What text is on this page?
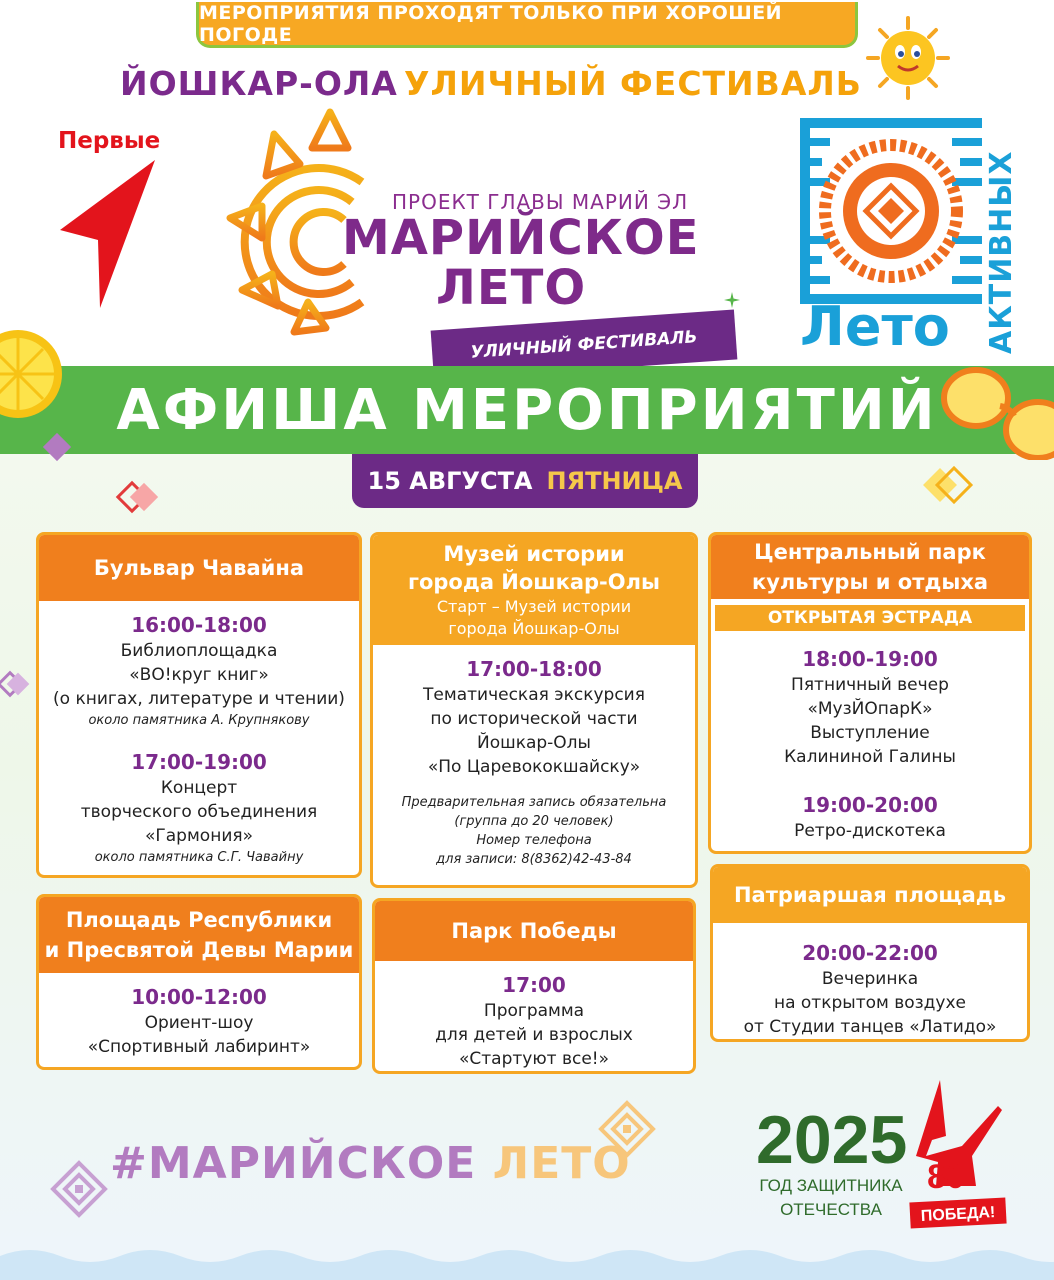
МЕРОПРИЯТИЯ ПРОХОДЯТ ТОЛЬКО ПРИ ХОРОШЕЙ ПОГОДЕ
ЙОШКАР-ОЛА УЛИЧНЫЙ ФЕСТИВАЛЬ
Первые
ПРОЕКТ ГЛАВЫ МАРИЙ ЭЛ
МАРИЙСКОЕ
ЛЕТО
УЛИЧНЫЙ ФЕСТИВАЛЬ	Лето АКТИВНЫХ
АФИША МЕРОПРИЯТИЙ
15 АВГУСТА ПЯТНИЦА
Бульвар Чавайна
16:00-18:00
Библиоплощадка
«ВО!круг книг»
(о книгах, литературе и чтении)
около памятника А. Крупнякову
17:00-19:00
Концерт
творческого объединения
«Гармония»
около памятника С.Г. Чавайну
Музей истории
города Йошкар-Олы
Старт – Музей истории
города Йошкар-Олы
17:00-18:00
Тематическая экскурсия
по исторической части
Йошкар-Олы
«По Царевококшайску»
Предварительная запись обязательна
(группа до 20 человек)
Номер телефона
для записи: 8(8362)42-43-84
Центральный парк
культуры и отдыха
ОТКРЫТАЯ ЭСТРАДА
18:00-19:00
Пятничный вечер
«МузЙОпарК»
Выступление
Калининой Галины
19:00-20:00
Ретро-дискотека
Площадь Республики
и Пресвятой Девы Марии
10:00-12:00
Ориент-шоу
«Спортивный лабиринт»
Парк Победы
17:00
Программа
для детей и взрослых
«Стартуют все!»
Патриаршая площадь
20:00-22:00
Вечеринка
на открытом воздухе
от Студии танцев «Латидо»
#МАРИЙСКОЕ ЛЕТО 2025
ГОД ЗАЩИТНИКА
ОТЕЧЕСТВА
80
ПОБЕДА!
